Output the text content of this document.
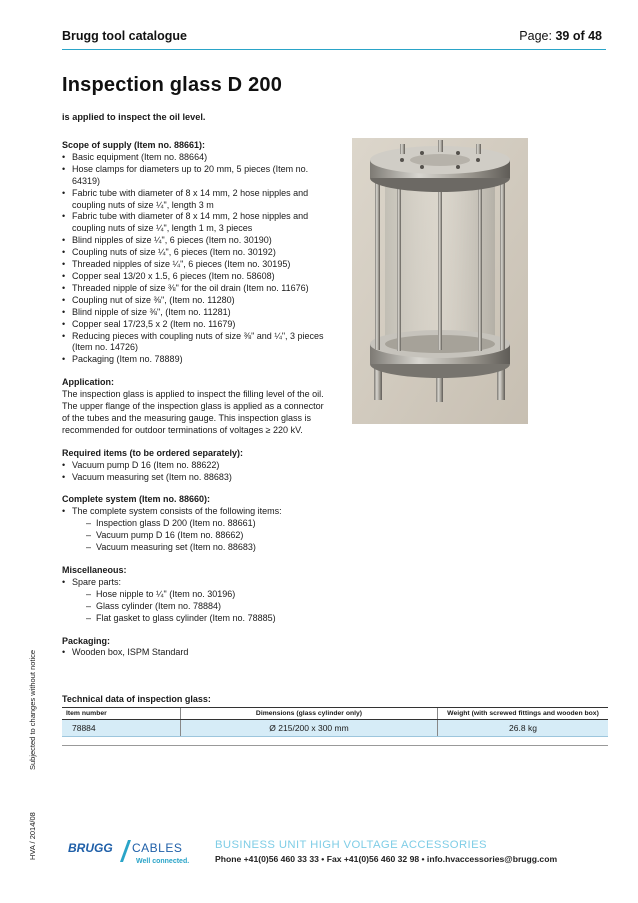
Brugg tool catalogue	Page: 39 of 48
Inspection glass D 200
is applied to inspect the oil level.

Scope of supply (Item no. 88661):

• Basic equipment (Item no. 88664)
• Hose clamps for diameters up to 20 mm, 5 pieces (Item no. 64319)
• Fabric tube with diameter of 8 x 14 mm, 2 hose nipples and coupling nuts of size ¼", length 3 m
• Fabric tube with diameter of 8 x 14 mm, 2 hose nipples and coupling nuts of size ¼", length 1 m, 3 pieces
• Blind nipples of size ¼", 6 pieces (Item no. 30190)
• Coupling nuts of size ¼", 6 pieces (Item no. 30192)
• Threaded nipples of size ¼", 6 pieces (Item no. 30195)
• Copper seal 13/20 x 1.5, 6 pieces (Item no. 58608)
• Threaded nipple of size ⅜" for the oil drain (Item no. 11676)
• Coupling nut of size ⅜", (Item no. 11280)
• Blind nipple of size ⅜", (Item no. 11281)
• Copper seal 17/23,5 x 2 (Item no. 11679)
• Reducing pieces with coupling nuts of size ⅜" and ¼", 3 pieces (Item no. 14726)
• Packaging (Item no. 78889)

Application:

The inspection glass is applied to inspect the filling level of the oil. The upper flange of the inspection glass is applied as a connector of the tubes and the measuring gauge. This inspection glass is recommended for outdoor terminations of voltages ≥ 220 kV.

Required items (to be ordered separately):

• Vacuum pump D 16 (Item no. 88622)
• Vacuum measuring set (Item no. 88683)

Complete system (Item no. 88660):

• The complete system consists of the following items:
– Inspection glass D 200 (Item no. 88661)
– Vacuum pump D 16 (Item no. 88662)
– Vacuum measuring set (Item no. 88683)

Miscellaneous:

• Spare parts:
– Hose nipple to ¼" (Item no. 30196)
– Glass cylinder (Item no. 78884)
– Flat gasket to glass cylinder (Item no. 78885)

Packaging:

• Wooden box, ISPM Standard

Technical data of inspection glass:

Item number	Dimensions (glass cylinder only)	Weight (with screwed fittings and wooden box)
78884	Ø 215/200 x 300 mm	26.8 kg
Subjected to changes without notice
HVA / 2014/08	BRUGG CABLES
Well connected.
BUSINESS UNIT HIGH VOLTAGE ACCESSORIES
Phone +41(0)56 460 33 33 • Fax +41(0)56 460 32 98 • info.hvaccessories@brugg.com
